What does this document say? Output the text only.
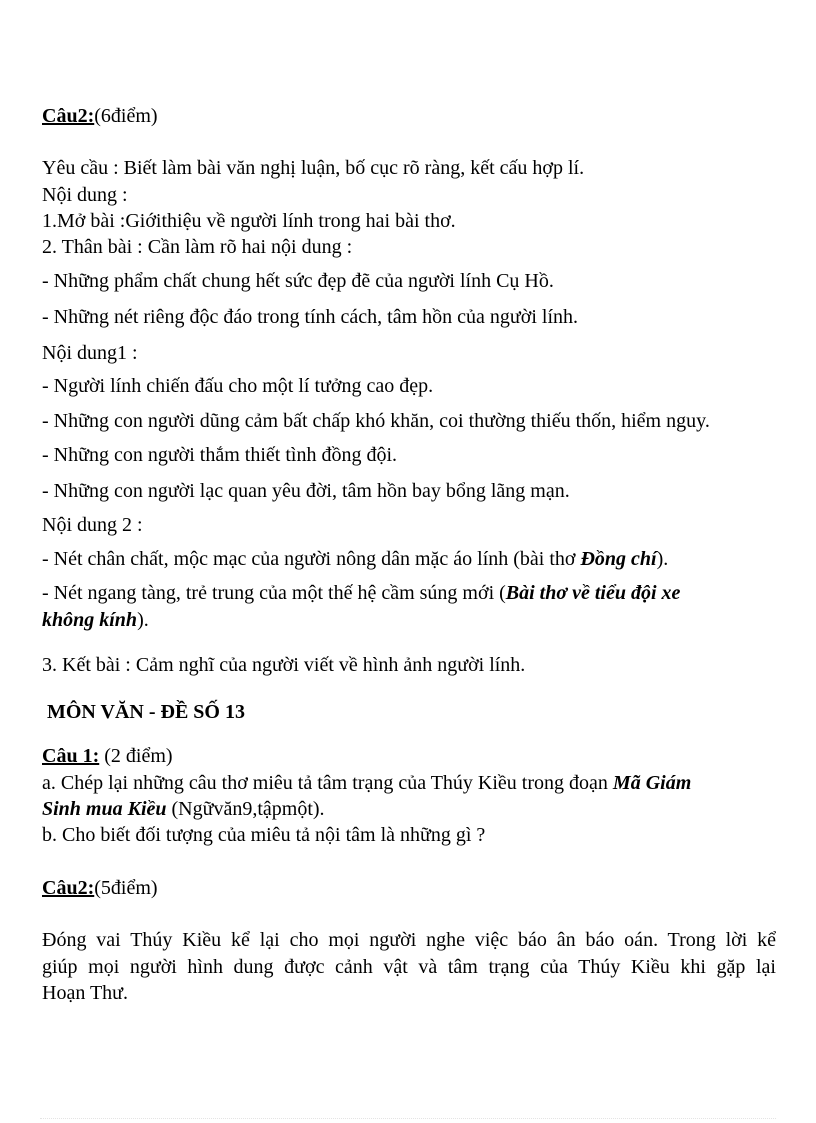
Câu2:(6điểm)
Yêu cầu : Biết làm bài văn nghị luận, bố cục rõ ràng, kết cấu hợp lí.
Nội dung :
1.Mở bài :Giớithiệu về người lính trong hai bài thơ.
2. Thân bài : Cần làm rõ hai nội dung :
- Những phẩm chất chung hết sức đẹp đẽ của người lính Cụ Hồ.
- Những nét riêng độc đáo trong tính cách, tâm hồn của người lính.
Nội dung1 :
- Người lính chiến đấu cho một lí tưởng cao đẹp.
- Những con người dũng cảm bất chấp khó khăn, coi thường thiếu thốn, hiểm nguy.
- Những con người thắm thiết tình đồng đội.
- Những con người lạc quan yêu đời, tâm hồn bay bổng lãng mạn.
Nội dung 2 :
- Nét chân chất, mộc mạc của người nông dân mặc áo lính (bài thơ Đồng chí).
- Nét ngang tàng, trẻ trung của một thế hệ cầm súng mới (Bài thơ về tiểu đội xe
không kính).
3. Kết bài : Cảm nghĩ của người viết về hình ảnh người lính.
MÔN VĂN - ĐỀ SỐ 13
Câu 1: (2 điểm)
a. Chép lại những câu thơ miêu tả tâm trạng của Thúy Kiều trong đoạn Mã Giám
Sinh mua Kiều (Ngữvăn9,tậpmột).
b. Cho biết đối tượng của miêu tả nội tâm là những gì ?
Câu2:(5điểm)
Đóng vai Thúy Kiều kể lại cho mọi người nghe việc báo ân báo oán. Trong lời kể
giúp mọi người hình dung được cảnh vật và tâm trạng của Thúy Kiều khi gặp lại
Hoạn Thư.
